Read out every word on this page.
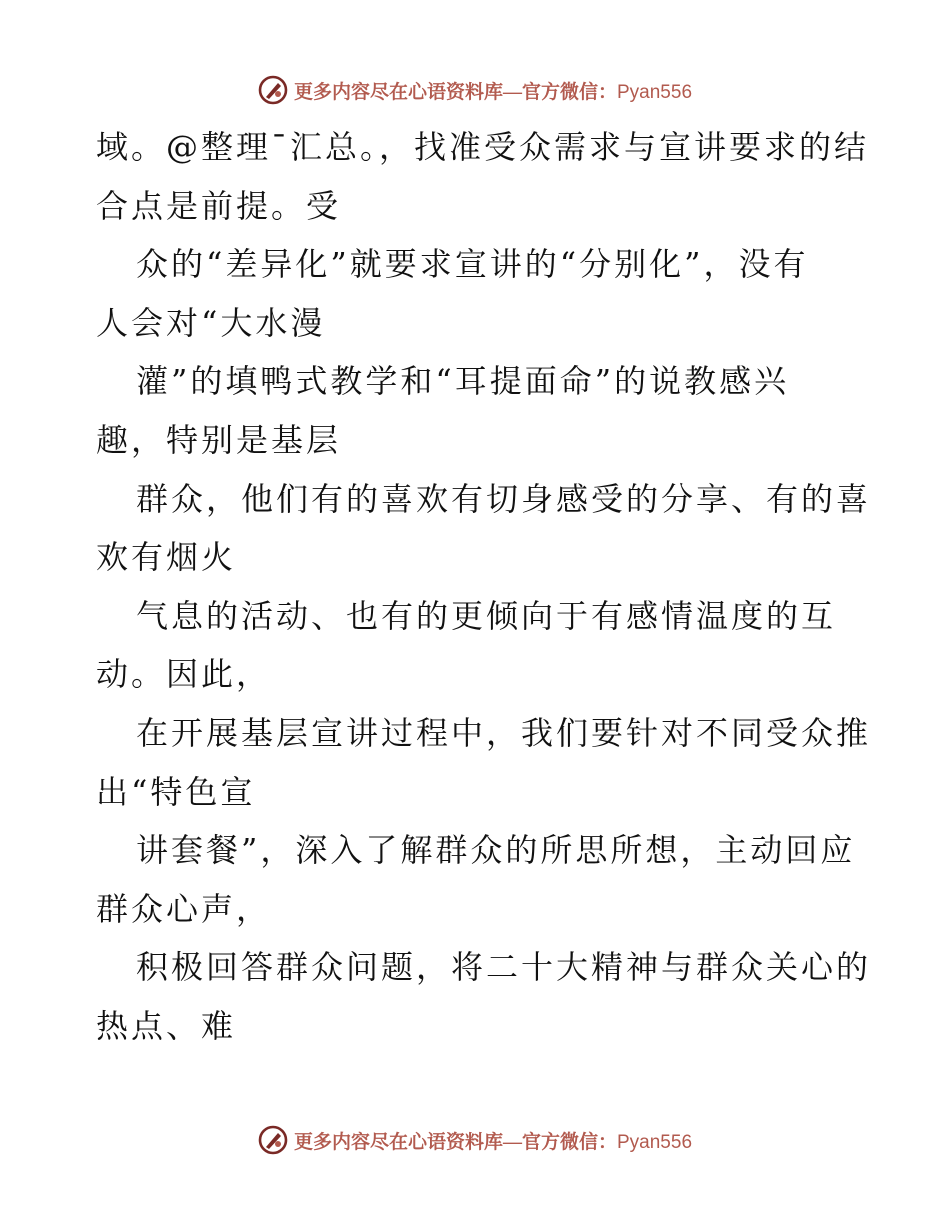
更多内容尽在心语资料库—官方微信：Pyan556
域。@整理¯汇总。，找准受众需求与宣讲要求的结
合点是前提。受
众的“差异化”就要求宣讲的“分别化”，没有
人会对“大水漫
灌”的填鸭式教学和“耳提面命”的说教感兴
趣，特别是基层
群众，他们有的喜欢有切身感受的分享、有的喜
欢有烟火
气息的活动、也有的更倾向于有感情温度的互
动。因此，
在开展基层宣讲过程中，我们要针对不同受众推
出“特色宣
讲套餐”，深入了解群众的所思所想，主动回应
群众心声，
积极回答群众问题，将二十大精神与群众关心的
热点、难
更多内容尽在心语资料库—官方微信：Pyan556
